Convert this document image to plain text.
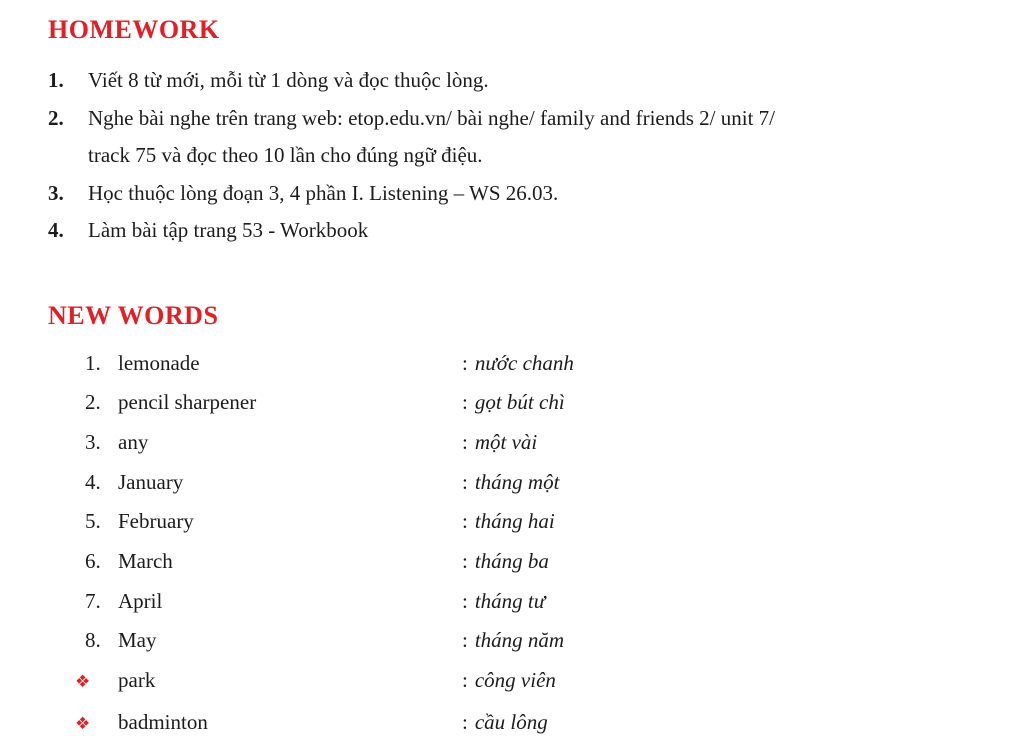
HOMEWORK
1.	Viết 8 từ mới, mỗi từ 1 dòng và đọc thuộc lòng.
2.	Nghe bài nghe trên trang web: etop.edu.vn/ bài nghe/ family and friends 2/ unit 7/
track 75 và đọc theo 10 lần cho đúng ngữ điệu.
3.	Học thuộc lòng đoạn 3, 4 phần I. Listening – WS 26.03.
4.	Làm bài tập trang 53 - Workbook
NEW WORDS
1. lemonade	: nước chanh
2. pencil sharpener	: gọt bút chì
3. any	: một vài
4. January	: tháng một
5. February	: tháng hai
6. March	: tháng ba
7. April	: tháng tư
8. May	: tháng năm
❖	park	: công viên
❖	badminton	: cầu lông
